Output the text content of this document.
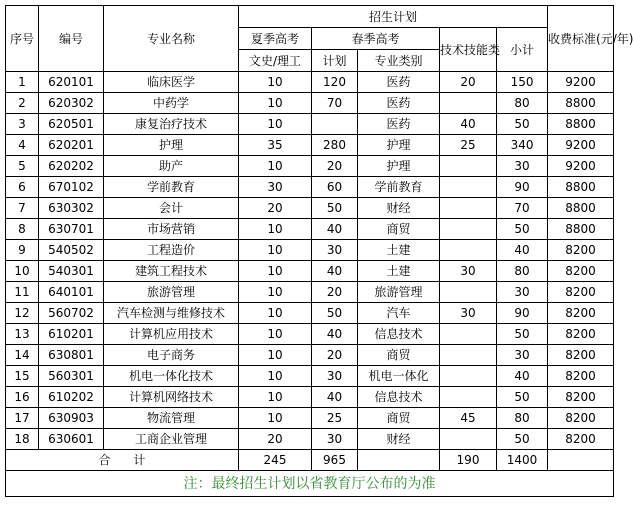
序号	编号	专业名称	招生计划					收费标准(元/年)
			夏季高考	春季高考		技术技能类	小计	
			文史/理工	计划	专业类别			
1	620101	临床医学	10	120	医药	20	150	9200
2	620302	中药学	10	70	医药		80	8800
3	620501	康复治疗技术	10		医药	40	50	8800
4	620201	护理	35	280	护理	25	340	9200
5	620202	助产	10	20	护理		30	9200
6	670102	学前教育	30	60	学前教育		90	8800
7	630302	会计	20	50	财经		70	8800
8	630701	市场营销	10	40	商贸		50	8800
9	540502	工程造价	10	30	土建		40	8200
10	540301	建筑工程技术	10	40	土建	30	80	8200
11	640101	旅游管理	10	20	旅游管理		30	8200
12	560702	汽车检测与维修技术	10	50	汽车	30	90	8200
13	610201	计算机应用技术	10	40	信息技术		50	8200
14	630801	电子商务	10	20	商贸		30	8200
15	560301	机电一体化技术	10	30	机电一体化		40	8200
16	610202	计算机网络技术	10	40	信息技术		50	8200
17	630903	物流管理	10	25	商贸	45	80	8200
18	630601	工商企业管理	20	30	财经		50	8200
合      计			245	965		190	1400	
注：最终招生计划以省教育厅公布的为准								
